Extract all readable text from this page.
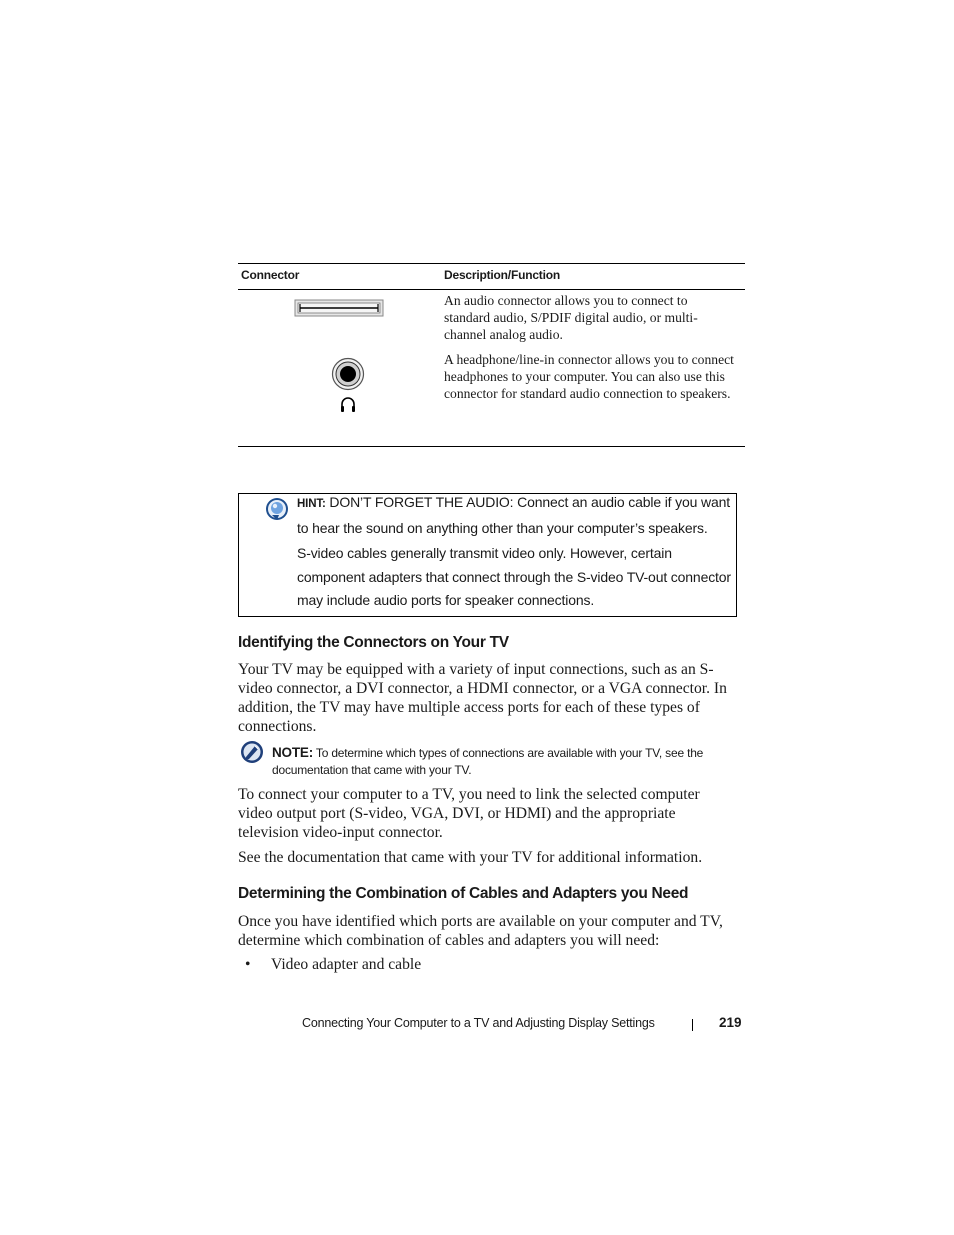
Connector	Description/Function
An audio connector allows you to connect to standard audio, S/PDIF digital audio, or multi-channel analog audio.
A headphone/line-in connector allows you to connect headphones to your computer. You can also use this connector for standard audio connection to speakers.
HINT: DON’T FORGET THE AUDIO: Connect an audio cable if you want to hear the sound on anything other than your computer’s speakers.
S-video cables generally transmit video only. However, certain component adapters that connect through the S-video TV-out connector may include audio ports for speaker connections.
Identifying the Connectors on Your TV

Your TV may be equipped with a variety of input connections, such as an S-video connector, a DVI connector, a HDMI connector, or a VGA connector. In addition, the TV may have multiple access ports for each of these types of connections.

NOTE: To determine which types of connections are available with your TV, see the documentation that came with your TV.

To connect your computer to a TV, you need to link the selected computer video output port (S-video, VGA, DVI, or HDMI) and the appropriate television video-input connector.

See the documentation that came with your TV for additional information.

Determining the Combination of Cables and Adapters you Need

Once you have identified which ports are available on your computer and TV, determine which combination of cables and adapters you will need:

• Video adapter and cable
Connecting Your Computer to a TV and Adjusting Display Settings	219
